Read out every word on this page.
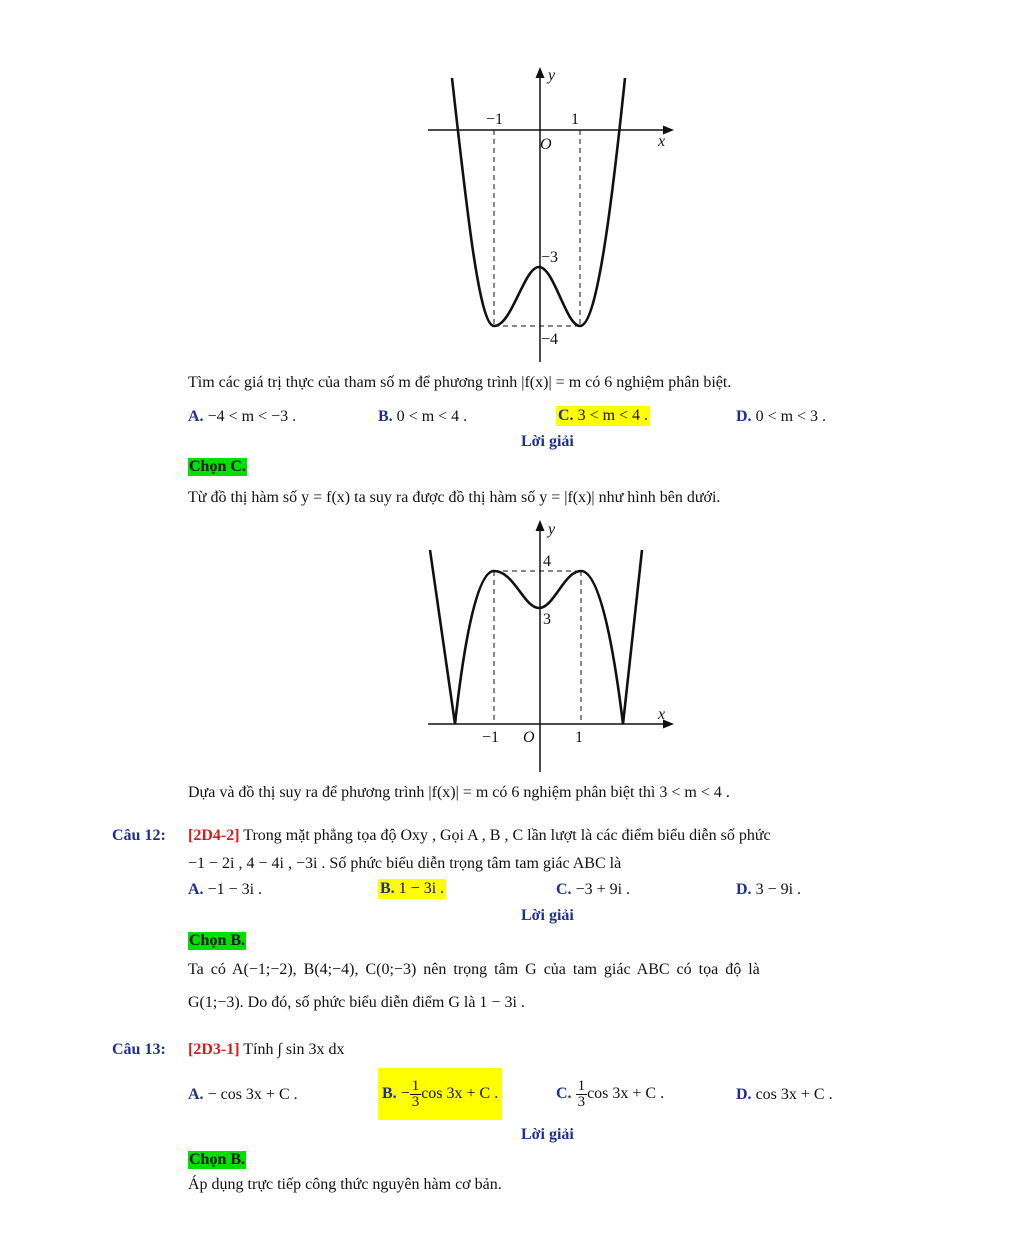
y
x
O
−1	1
−3
−4
Tìm các giá trị thực của tham số m để phương trình |f(x)| = m có 6 nghiệm phân biệt.
A. −4 < m < −3 .	B. 0 < m < 4 .	C. 3 < m < 4 .	D. 0 < m < 3 .
Lời giải
Chọn C.
Từ đồ thị hàm số y = f(x) ta suy ra được đồ thị hàm số y = |f(x)| như hình bên dưới.
y
x
O
−1	1
4
3
Dựa và đồ thị suy ra để phương trình |f(x)| = m có 6 nghiệm phân biệt thì 3 < m < 4 .
Câu 12: [2D4-2] Trong mặt phẳng tọa độ Oxy , Gọi A , B , C lần lượt là các điểm biểu diễn số phức
−1 − 2i , 4 − 4i , −3i . Số phức biểu diễn trọng tâm tam giác ABC là
A. −1 − 3i .	B. 1 − 3i .	C. −3 + 9i .	D. 3 − 9i .
Lời giải
Chọn B.
Ta có A(−1;−2), B(4;−4), C(0;−3) nên trọng tâm G của tam giác ABC có tọa độ là
G(1;−3). Do đó, số phức biểu diễn điểm G là 1 − 3i .
Câu 13: [2D3-1] Tính ∫ sin 3x dx
A. − cos 3x + C .	B.
− $\frac{1}{3}$ cos 3x + C .	C.
$\frac{1}{3}$ cos 3x + C .	D. cos 3x + C .
Lời giải
Chọn B.
Áp dụng trực tiếp công thức nguyên hàm cơ bản.
